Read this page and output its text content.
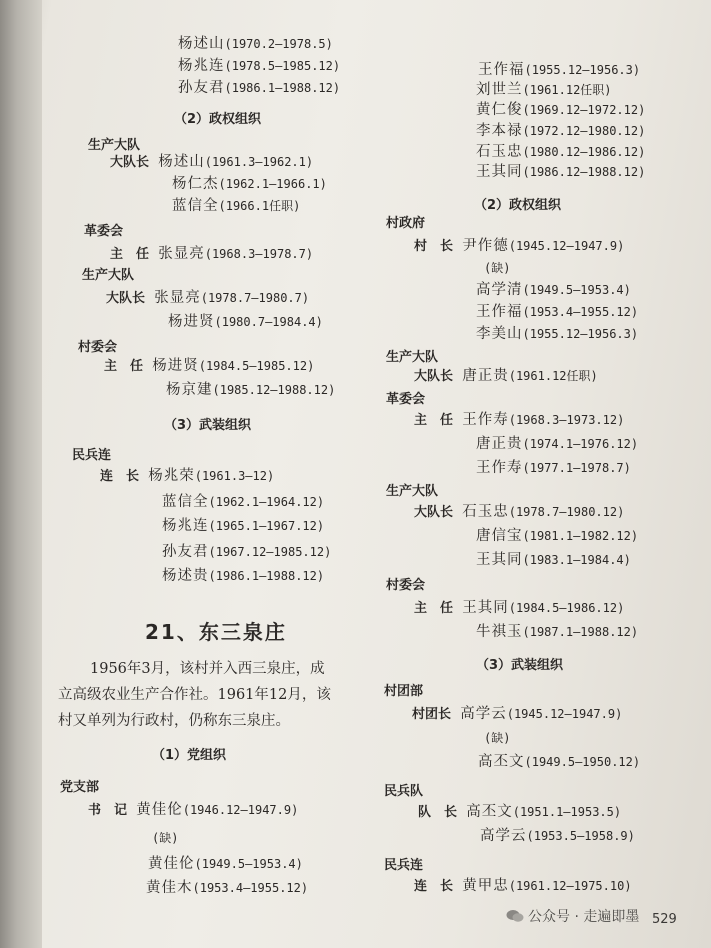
杨述山(1970.2—1978.5)
杨兆连(1978.5—1985.12)
孙友君(1986.1—1988.12)
（2）政权组织
生产大队
大队长 杨述山(1961.3—1962.1)
杨仁杰(1962.1—1966.1)
蓝信全(1966.1任职)
革委会
主　任 张显亮(1968.3—1978.7)
生产大队
大队长 张显亮(1978.7—1980.7)
杨进贤(1980.7—1984.4)
村委会
主　任 杨进贤(1984.5—1985.12)
杨京建(1985.12—1988.12)
（3）武装组织
民兵连
连　长 杨兆荣(1961.3—12)
蓝信全(1962.1—1964.12)
杨兆连(1965.1—1967.12)
孙友君(1967.12—1985.12)
杨述贵(1986.1—1988.12)
21、东三泉庄
1956年3月，该村并入西三泉庄，成
立高级农业生产合作社。1961年12月，该
村又单列为行政村，仍称东三泉庄。
（1）党组织
党支部
书　记 黄佳伦(1946.12—1947.9)
(缺)
黄佳伦(1949.5—1953.4)
黄佳木(1953.4—1955.12)
王作福(1955.12—1956.3)
刘世兰(1961.12任职)
黄仁俊(1969.12—1972.12)
李本禄(1972.12—1980.12)
石玉忠(1980.12—1986.12)
王其同(1986.12—1988.12)
（2）政权组织
村政府
村　长 尹作德(1945.12—1947.9)
(缺)
高学清(1949.5—1953.4)
王作福(1953.4—1955.12)
李美山(1955.12—1956.3)
生产大队
大队长 唐正贵(1961.12任职)
革委会
主　任 王作寿(1968.3—1973.12)
唐正贵(1974.1—1976.12)
王作寿(1977.1—1978.7)
生产大队
大队长 石玉忠(1978.7—1980.12)
唐信宝(1981.1—1982.12)
王其同(1983.1—1984.4)
村委会
主　任 王其同(1984.5—1986.12)
牛祺玉(1987.1—1988.12)
（3）武装组织
村团部
村团长 高学云(1945.12—1947.9)
(缺)
高丕文(1949.5—1950.12)
民兵队
队　长 高丕文(1951.1—1953.5)
高学云(1953.5—1958.9)
民兵连
连　长 黄甲忠(1961.12—1975.10)
公众号 · 走遍即墨 529
